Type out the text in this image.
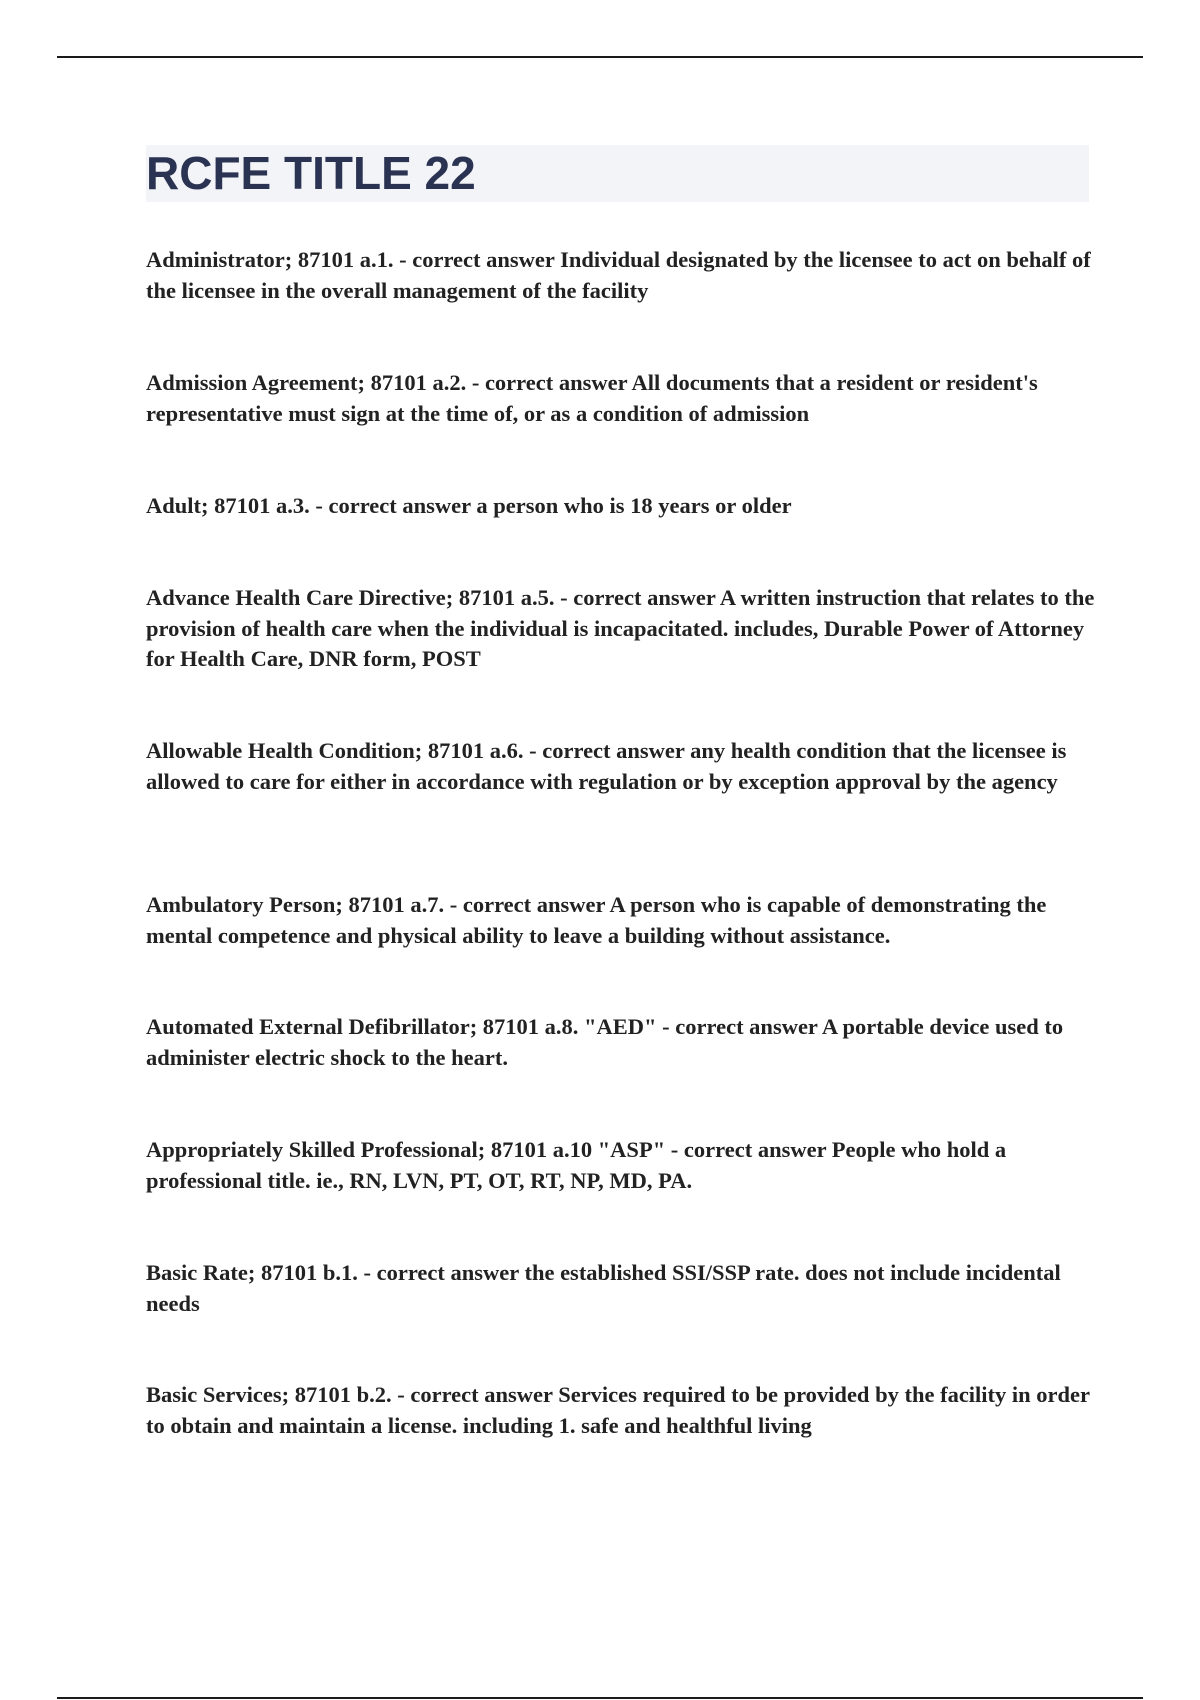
RCFE TITLE 22

Administrator; 87101 a.1. - correct answer Individual designated by the licensee to act on behalf of the licensee in the overall management of the facility

Admission Agreement; 87101 a.2. - correct answer All documents that a resident or resident's representative must sign at the time of, or as a condition of admission

Adult; 87101 a.3. - correct answer a person who is 18 years or older

Advance Health Care Directive; 87101 a.5. - correct answer A written instruction that relates to the provision of health care when the individual is incapacitated. includes, Durable Power of Attorney for Health Care, DNR form, POST

Allowable Health Condition; 87101 a.6. - correct answer any health condition that the licensee is allowed to care for either in accordance with regulation or by exception approval by the agency

Ambulatory Person; 87101 a.7. - correct answer A person who is capable of demonstrating the mental competence and physical ability to leave a building without assistance.

Automated External Defibrillator; 87101 a.8. "AED" - correct answer A portable device used to administer electric shock to the heart.

Appropriately Skilled Professional; 87101 a.10 "ASP" - correct answer People who hold a professional title. ie., RN, LVN, PT, OT, RT, NP, MD, PA.

Basic Rate; 87101 b.1. - correct answer the established SSI/SSP rate. does not include incidental needs

Basic Services; 87101 b.2. - correct answer Services required to be provided by the facility in order to obtain and maintain a license. including 1. safe and healthful living
